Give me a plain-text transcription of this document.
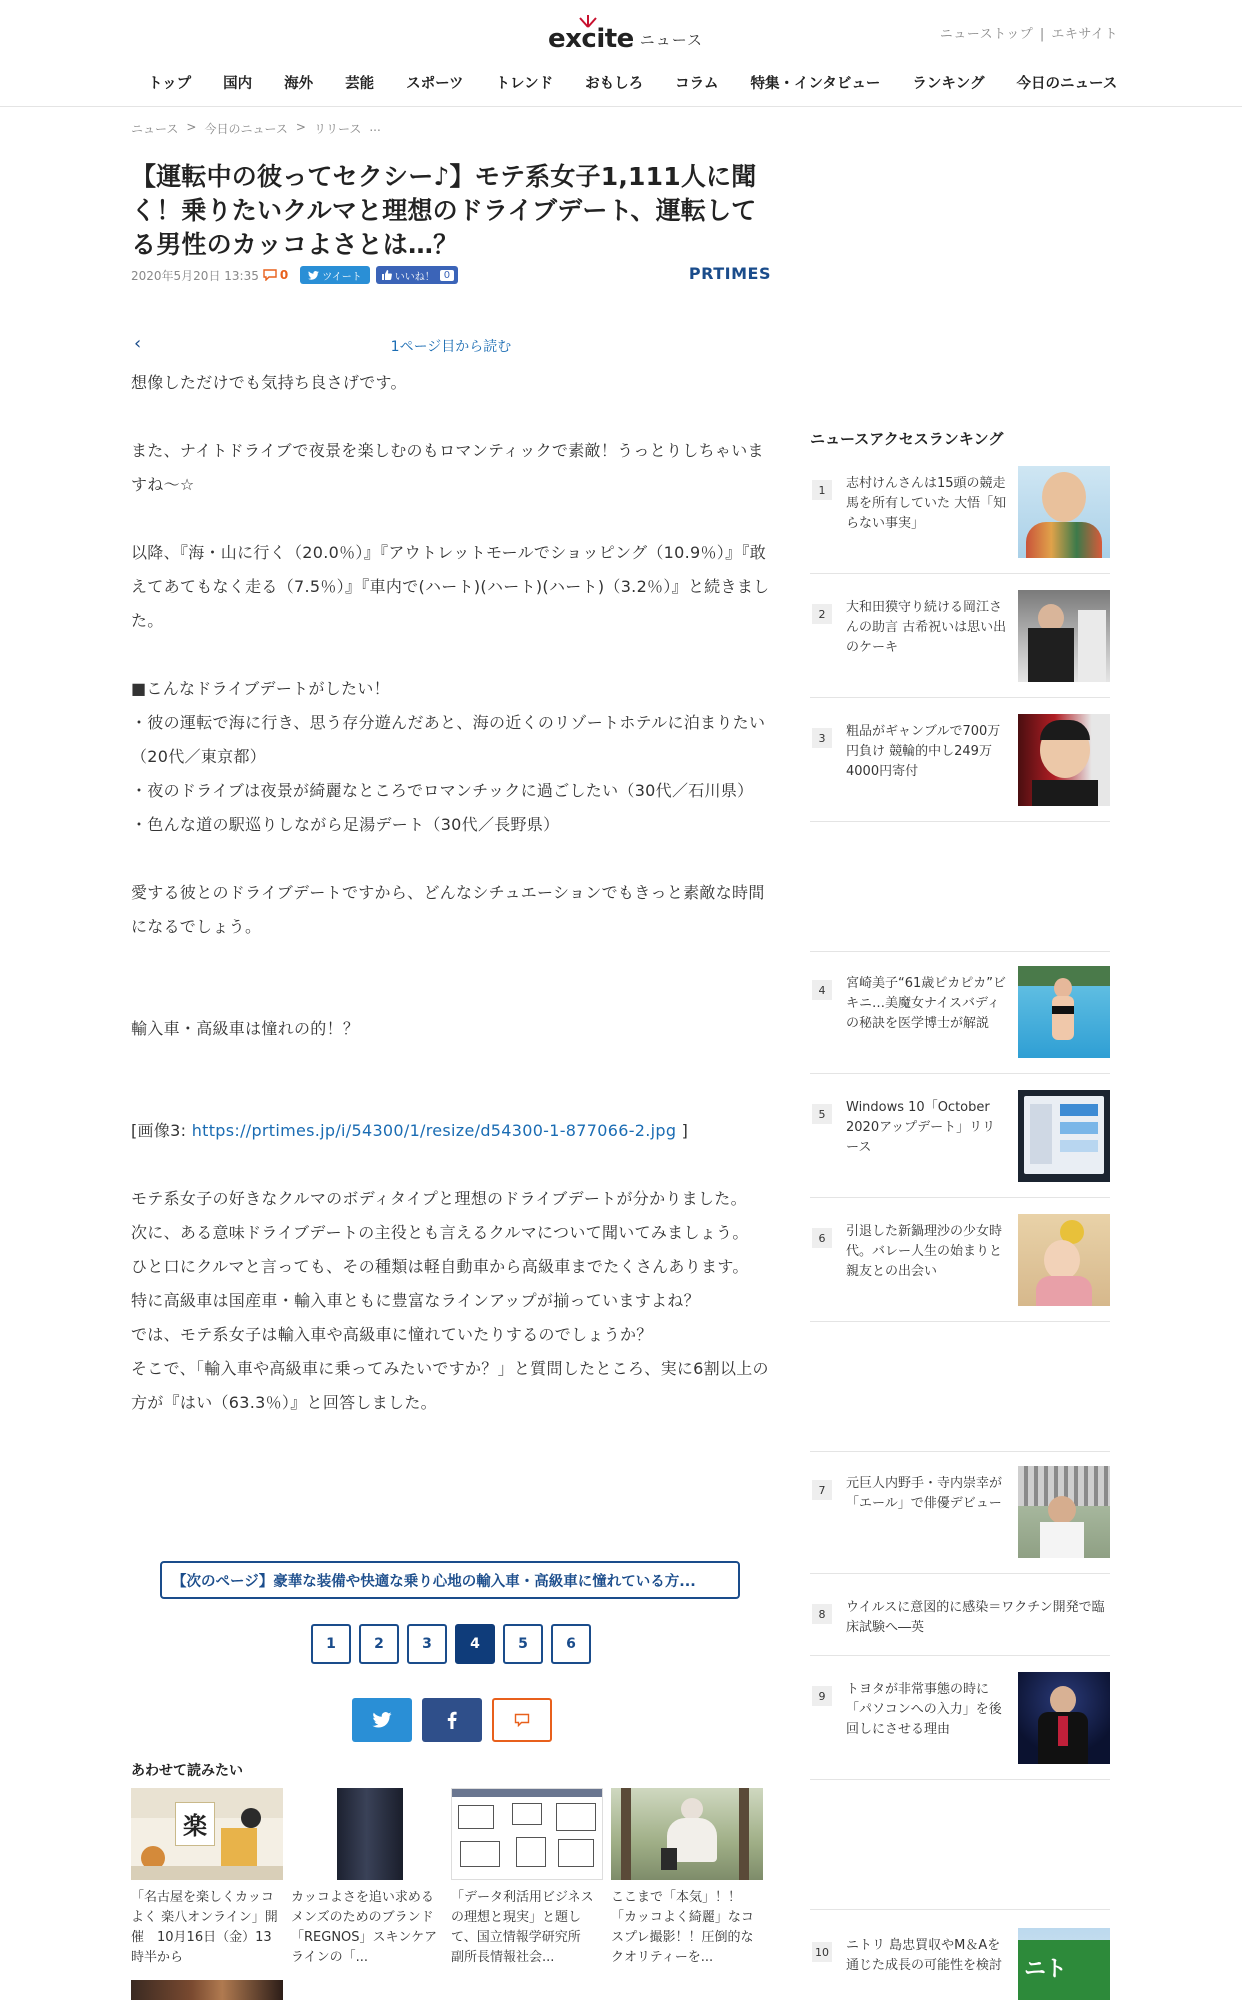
excite ニュース	ニューストップ | エキサイト
トップ	国内	海外	芸能	スポーツ	トレンド	おもしろ	コラム	特集・インタビュー	ランキング	今日のニュース
ニュース > 今日のニュース > リリース ...
【運転中の彼ってセクシー♪】モテ系女子1,111人に聞く！乗りたいクルマと理想のドライブデート、運転してる男性のカッコよさとは…？
2020年5月20日 13:35 0	ツイート	いいね！ 0	PRTIMES
‹	1ページ目から読む

想像しただけでも気持ち良さげです。

また、ナイトドライブで夜景を楽しむのもロマンティックで素敵！うっとりしちゃいますね～☆

以降、『海・山に行く（20.0％）』『アウトレットモールでショッピング（10.9％）』『敢えてあてもなく走る（7.5％）』『車内で(ハート)(ハート)(ハート)（3.2％）』と続きました。

■こんなドライブデートがしたい！

・彼の運転で海に行き、思う存分遊んだあと、海の近くのリゾートホテルに泊まりたい（20代／東京都）

・夜のドライブは夜景が綺麗なところでロマンチックに過ごしたい（30代／石川県）

・色んな道の駅巡りしながら足湯デート（30代／長野県）

愛する彼とのドライブデートですから、どんなシチュエーションでもきっと素敵な時間になるでしょう。

輸入車・高級車は憧れの的！？

[画像3: https://prtimes.jp/i/54300/1/resize/d54300-1-877066-2.jpg ]

モテ系女子の好きなクルマのボディタイプと理想のドライブデートが分かりました。

次に、ある意味ドライブデートの主役とも言えるクルマについて聞いてみましょう。

ひと口にクルマと言っても、その種類は軽自動車から高級車までたくさんあります。

特に高級車は国産車・輸入車ともに豊富なラインアップが揃っていますよね？

では、モテ系女子は輸入車や高級車に憧れていたりするのでしょうか？

そこで、「輸入車や高級車に乗ってみたいですか？」と質問したところ、実に6割以上の方が『はい（63.3％）』と回答しました。

【次のページ】豪華な装備や快適な乗り心地の輸入車・高級車に憧れている方...
1	2	3	4	5	6
あわせて読みたい
楽
「名古屋を楽しくカッコよく 楽八オンライン」開催　10月16日（金）13時半から
カッコよさを追い求めるメンズのためのブランド「REGNOS」スキンケアラインの「...
「データ利活用ビジネスの理想と現実」と題して、国立情報学研究所　副所長情報社会...
ここまで「本気」！！「カッコよく綺麗」なコスプレ撮影！！圧倒的なクオリティーを...
ニュースアクセスランキング
1	志村けんさんは15頭の競走馬を所有していた 大悟「知らない事実」
2	大和田獏守り続ける岡江さんの助言 古希祝いは思い出のケーキ
3	粗品がギャンブルで700万円負け 競輪的中し249万4000円寄付
4	宮崎美子“61歳ピカピカ”ビキニ…美魔女ナイスバディの秘訣を医学博士が解説
5	Windows 10「October 2020アップデート」リリース
6	引退した新鍋理沙の少女時代。バレー人生の始まりと親友との出会い
7	元巨人内野手・寺内崇幸が「エール」で俳優デビュー
8	ウイルスに意図的に感染＝ワクチン開発で臨床試験へ―英
9	トヨタが非常事態の時に「パソコンへの入力」を後回しにさせる理由
10 ニトリ 島忠買収やM＆Aを通じた成長の可能性を検討 ニト
